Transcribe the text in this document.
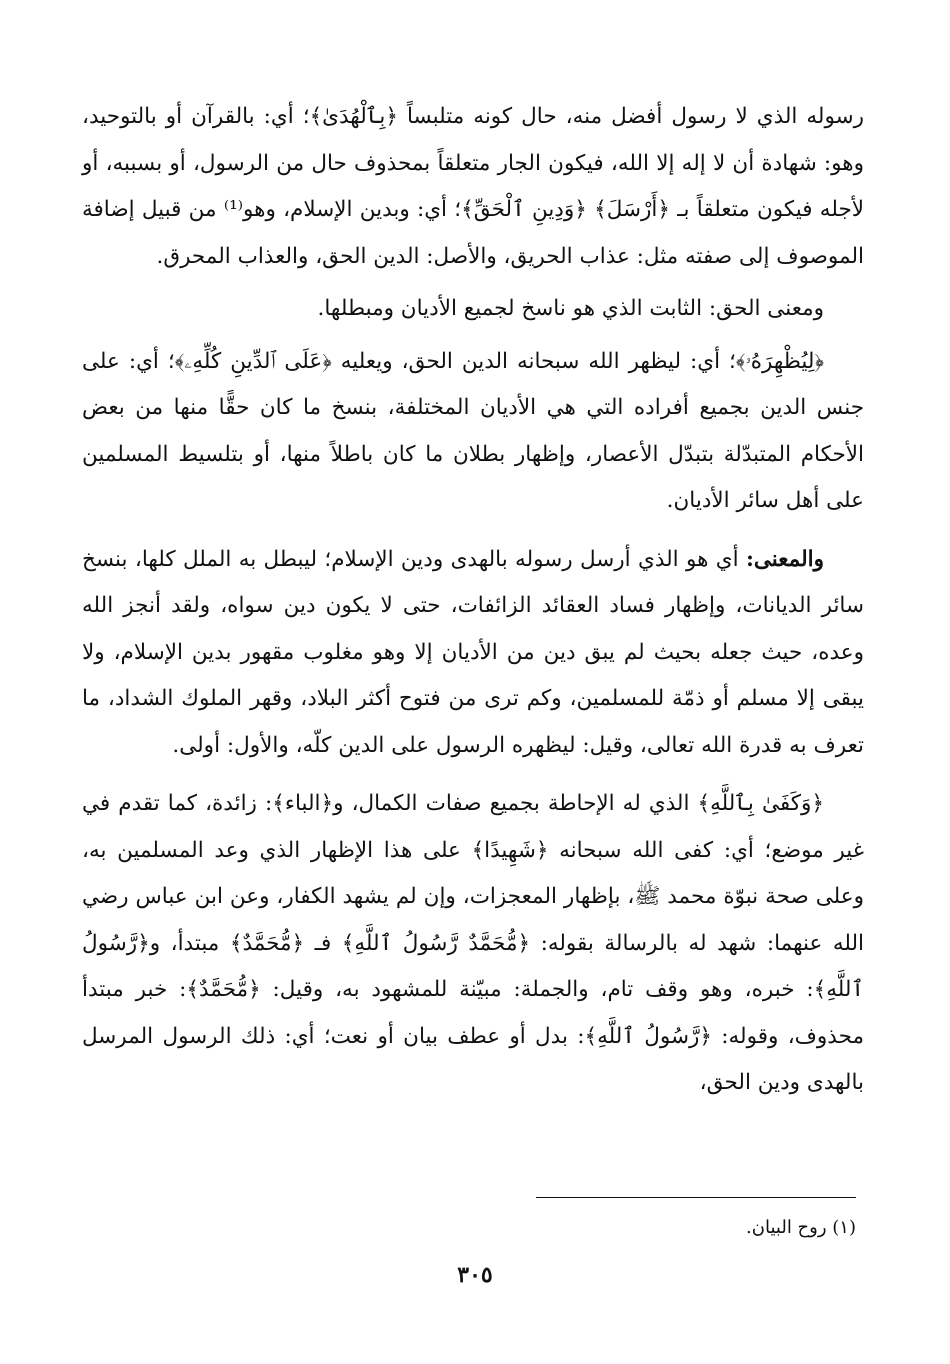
رسوله الذي لا رسول أفضل منه، حال كونه متلبساً ﴿بِٱلْهُدَىٰ﴾؛ أي: بالقرآن أو بالتوحيد، وهو: شهادة أن لا إله إلا الله، فيكون الجار متعلقاً بمحذوف حال من الرسول، أو بسببه، أو لأجله فيكون متعلقاً بـ ﴿أَرْسَلَ﴾ ﴿وَدِينِ ٱلْحَقِّ﴾؛ أي: وبدين الإسلام، وهو⁽¹⁾ من قبيل إضافة الموصوف إلى صفته مثل: عذاب الحريق، والأصل: الدين الحق، والعذاب المحرق.

ومعنى الحق: الثابت الذي هو ناسخ لجميع الأديان ومبطلها.

﴿لِيُظْهِرَهُۥ﴾؛ أي: ليظهر الله سبحانه الدين الحق، ويعليه ﴿عَلَى ٱلدِّينِ كُلِّهِۦ﴾؛ أي: على جنس الدين بجميع أفراده التي هي الأديان المختلفة، بنسخ ما كان حقًّا منها من بعض الأحكام المتبدّلة بتبدّل الأعصار، وإظهار بطلان ما كان باطلاً منها، أو بتلسيط المسلمين على أهل سائر الأديان.

والمعنى: أي هو الذي أرسل رسوله بالهدى ودين الإسلام؛ ليبطل به الملل كلها، بنسخ سائر الديانات، وإظهار فساد العقائد الزائفات، حتى لا يكون دين سواه، ولقد أنجز الله وعده، حيث جعله بحيث لم يبق دين من الأديان إلا وهو مغلوب مقهور بدين الإسلام، ولا يبقى إلا مسلم أو ذمّة للمسلمين، وكم ترى من فتوح أكثر البلاد، وقهر الملوك الشداد، ما تعرف به قدرة الله تعالى، وقيل: ليظهره الرسول على الدين كلّه، والأول: أولى.

﴿وَكَفَىٰ بِٱللَّهِ﴾ الذي له الإحاطة بجميع صفات الكمال، و﴿الباء﴾: زائدة، كما تقدم في غير موضع؛ أي: كفى الله سبحانه ﴿شَهِيدًا﴾ على هذا الإظهار الذي وعد المسلمين به، وعلى صحة نبوّة محمد ﷺ، بإظهار المعجزات، وإن لم يشهد الكفار، وعن ابن عباس رضي الله عنهما: شهد له بالرسالة بقوله: ﴿مُّحَمَّدٌ رَّسُولُ ٱللَّهِ﴾ فـ ﴿مُّحَمَّدٌ﴾ مبتدأ، و﴿رَّسُولُ ٱللَّهِ﴾: خبره، وهو وقف تام، والجملة: مبيّنة للمشهود به، وقيل: ﴿مُّحَمَّدٌ﴾: خبر مبتدأ محذوف، وقوله: ﴿رَّسُولُ ٱللَّهِ﴾: بدل أو عطف بيان أو نعت؛ أي: ذلك الرسول المرسل بالهدى ودين الحق،

(١) روح البيان.
٣٠٥
